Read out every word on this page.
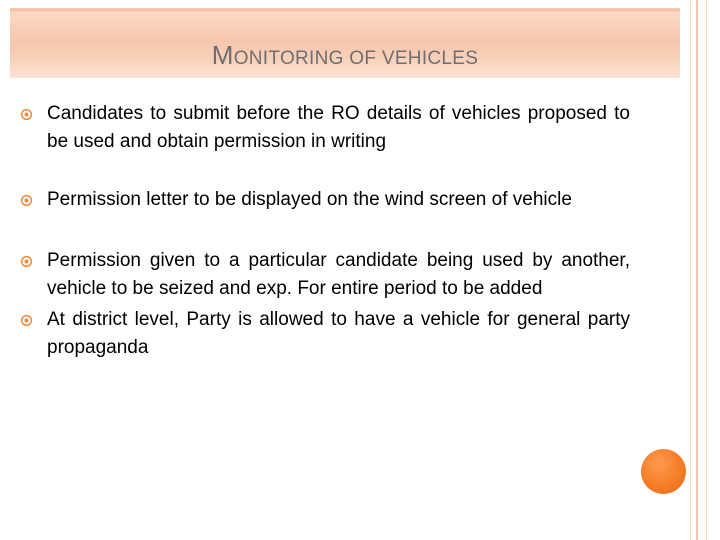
MONITORING OF VEHICLES
Candidates to submit before the RO details of vehicles proposed to be used and obtain permission in writing
Permission letter to be displayed on the wind screen of vehicle
Permission given to a particular candidate being used by another, vehicle to be seized and exp. For entire period to be added
At district level, Party is allowed to have a vehicle for general party propaganda
